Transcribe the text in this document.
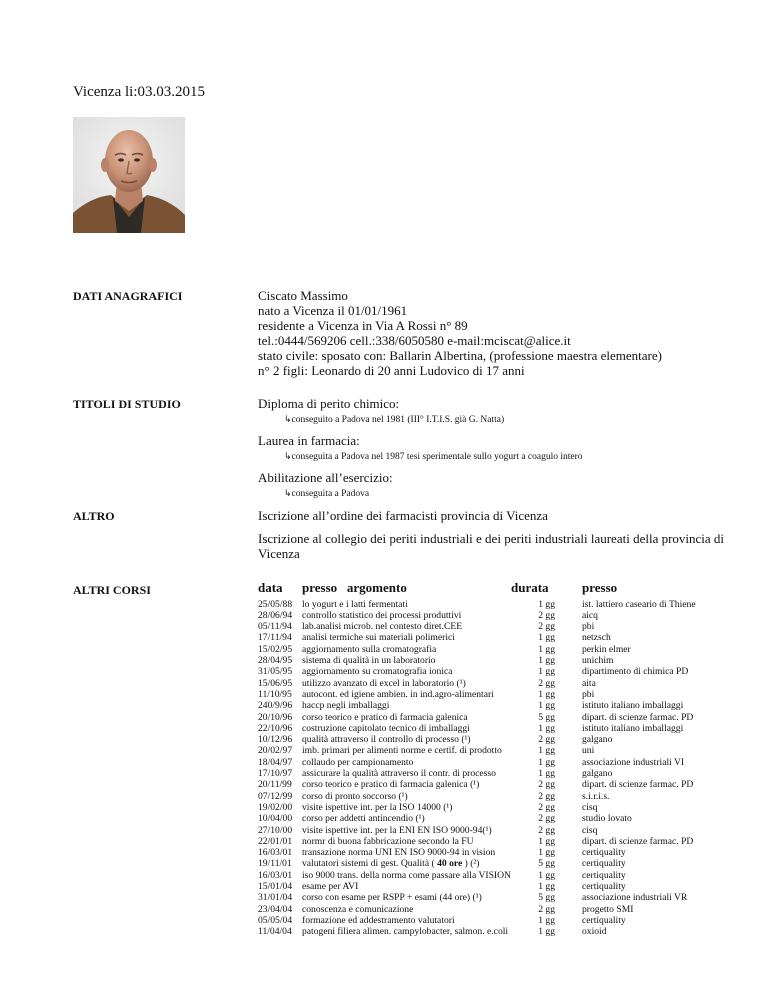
Vicenza li:03.03.2015
DATI ANAGRAFICI	Ciscato Massimo
nato a Vicenza il 01/01/1961
residente a Vicenza in Via A Rossi n° 89
tel.:0444/569206 cell.:338/6050580 e-mail:mciscat@alice.it
stato civile: sposato con: Ballarin Albertina, (professione maestra elementare)
n° 2 figli: Leonardo di 20 anni Ludovico di 17 anni
TITOLI DI STUDIO	Diploma di perito chimico:
↳conseguito a Padova nel 1981 (III° I.T.I.S. già G. Natta)
Laurea in farmacia:
↳conseguita a Padova nel 1987 tesi sperimentale sullo yogurt a coagulo intero
Abilitazione all’esercizio:
↳conseguita a Padova
ALTRO	Iscrizione all’ordine dei farmacisti provincia di Vicenza
Iscrizione al collegio dei periti industriali e dei periti industriali laureati della provincia di
Vicenza
ALTRI CORSI	data presso   argomento	durata	presso
25/05/88 lo yogurt e i latti fermentati	1 gg	ist. lattiero caseario di Thiene
28/06/94 controllo statistico dei processi produttivi	2 gg	aicq
05/11/94 lab.analisi microb. nel contesto diret.CEE	2 gg	pbi
17/11/94 analisi termiche sui materiali polimerici	1 gg	netzsch
15/02/95 aggiornamento sulla cromatografia	1 gg	perkin elmer
28/04/95 sistema di qualità in un laboratorio	1 gg	unichim
31/05/95 aggiornamento su cromatografia ionica	1 gg	dipartimento di chimica PD
15/06/95 utilizzo avanzato di excel in laboratorio (¹)	2 gg	aita
11/10/95 autocont. ed igiene ambien. in ind.agro-alimentari	1 gg	pbi
240/9/96 haccp negli imballaggi	1 gg	istituto italiano imballaggi
20/10/96 corso teorico e pratico di farmacia galenica	5 gg	dipart. di scienze farmac. PD
22/10/96 costruzione capitolato tecnico di imballaggi	1 gg	istituto italiano imballaggi
10/12/96 qualità attraverso il controllo di processo (¹)	2 gg	galgano
20/02/97 imb. primari per alimenti norme e certif. di prodotto	1 gg	uni
18/04/97 collaudo per campionamento	1 gg	associazione industriali VI
17/10/97 assicurare la qualità attraverso il contr. di processo	1 gg	galgano
20/11/99 corso teorico e pratico di farmacia galenica (¹)	2 gg	dipart. di scienze farmac. PD
07/12/99 corso di pronto soccorso (¹)	2 gg	s.i.r.i.s.
19/02/00 visite ispettive int. per la ISO 14000 (¹)	2 gg	cisq
10/04/00 corso per addetti antincendio (¹)	2 gg	studio lovato
27/10/00 visite ispettive int. per la ENI EN ISO 9000-94(¹)	2 gg	cisq
22/01/01 normr di buona fabbricazione secondo la FU	1 gg	dipart. di scienze farmac. PD
16/03/01 transazione norma UNI EN ISO 9000-94 in vision	1 gg	certiquality
19/11/01 valutatori sistemi di gest. Qualità ( 40 ore ) (²)	5 gg	certiquality
16/03/01 iso 9000 trans. della norma come passare alla VISION	1 gg	certiquality
15/01/04 esame per AVI	1 gg	certiquality
31/01/04 corso con esame per RSPP + esami (44 ore) (¹)	5 gg	associazione industriali VR
23/04/04 conoscenza e comunicazione	2 gg	progetto SMI
05/05/04 formazione ed addestramento valutatori	1 gg	certiquality
11/04/04 patogeni filiera alimen. campylobacter, salmon. e.coli	1 gg	oxioid
